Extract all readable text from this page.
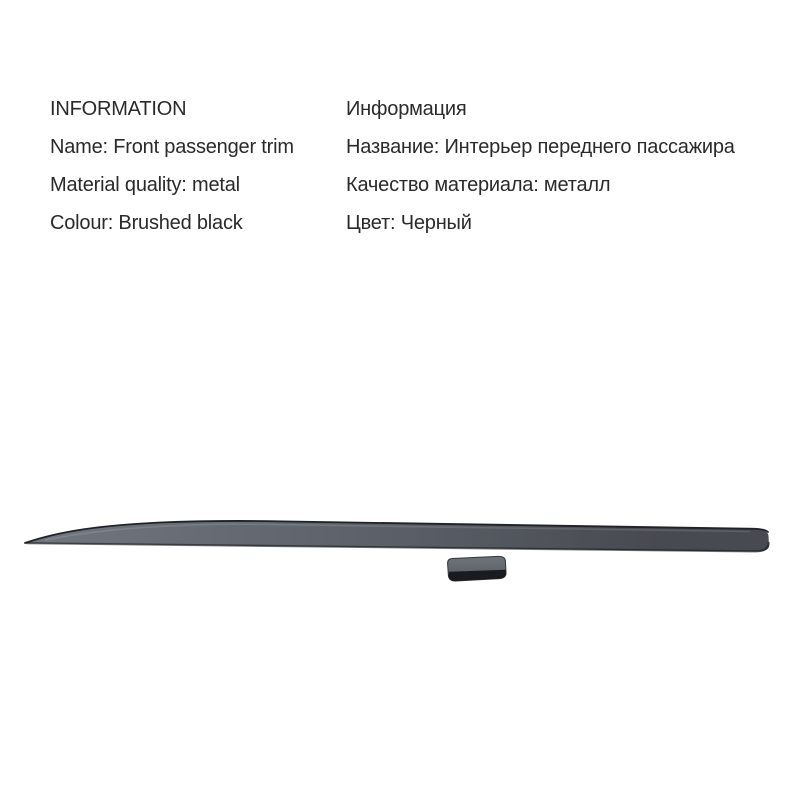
INFORMATION	Информация
Name: Front passenger trim	Название: Интерьер переднего пассажира
Material quality: metal	Качество материала: металл
Colour: Brushed black	Цвет: Черный
